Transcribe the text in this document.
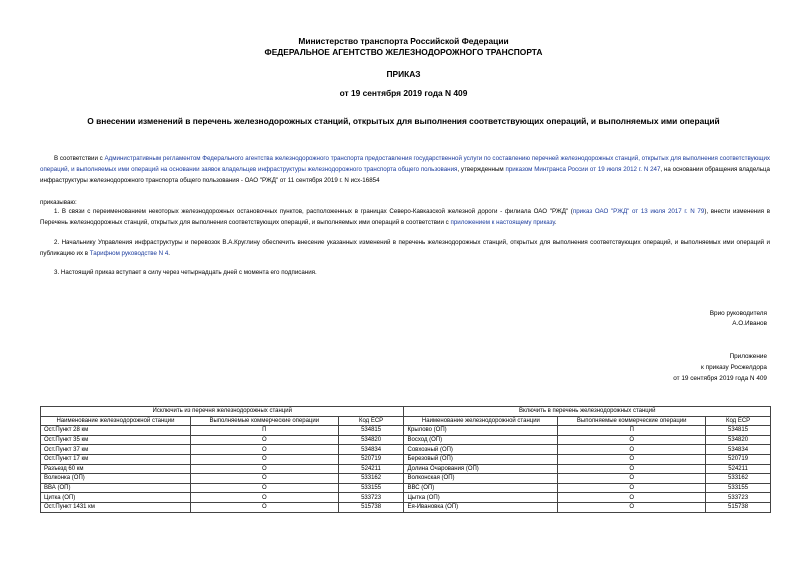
Министерство транспорта Российской Федерации
ФЕДЕРАЛЬНОЕ АГЕНТСТВО ЖЕЛЕЗНОДОРОЖНОГО ТРАНСПОРТА
ПРИКАЗ
от 19 сентября 2019 года N 409
О внесении изменений в перечень железнодорожных станций, открытых для выполнения соответствующих операций, и выполняемых ими операций
В соответствии с Административным регламентом Федерального агентства железнодорожного транспорта предоставления государственной услуги по составлению перечней железнодорожных станций, открытых для выполнения соответствующих операций, и выполняемых ими операций на основании заявок владельцев инфраструктуры железнодорожного транспорта общего пользования, утвержденным приказом Минтранса России от 19 июля 2012 г. N 247, на основании обращения владельца инфраструктуры железнодорожного транспорта общего пользования - ОАО "РЖД" от 11 сентября 2019 г. N исх-16854
приказываю:
1. В связи с переименованием некоторых железнодорожных остановочных пунктов, расположенных в границах Северо-Кавказской железной дороги - филиала ОАО "РЖД" (приказ ОАО "РЖД" от 13 июля 2017 г. N 79), внести изменения в Перечень железнодорожных станций, открытых для выполнения соответствующих операций, и выполняемых ими операций в соответствии с приложением к настоящему приказу.
2. Начальнику Управления инфраструктуры и перевозок В.А.Круглину обеспечить внесение указанных изменений в перечень железнодорожных станций, открытых для выполнения соответствующих операций, и выполняемых ими операций и публикацию их в Тарифном руководстве N 4.
3. Настоящий приказ вступает в силу через четырнадцать дней с момента его подписания.
Врио руководителя
А.О.Иванов
Приложение
к приказу Росжелдора
от 19 сентября 2019 года N 409
Исключить из перечня железнодорожных станций			Включить в перечень железнодорожных станций		
Наименование железнодорожной станции	Выполняемые коммерческие операции	Код ЕСР	Наименование железнодорожной станции	Выполняемые коммерческие операции	Код ЕСР
Ост.Пункт 28 км	П	534815	Крылово (ОП)	П	534815
Ост.Пункт 35 км	О	534820	Восход (ОП)	О	534820
Ост.Пункт 37 км	О	534834	Совхозный (ОП)	О	534834
Ост.Пункт 17 км	О	520719	Березовый (ОП)	О	520719
Разъезд 60 км	О	524211	Долина Очарования (ОП)	О	524211
Волконка (ОП)	О	533162	Волконская (ОП)	О	533162
ВВА (ОП)	О	533155	ВВС (ОП)	О	533155
Цитка (ОП)	О	533723	Цытка (ОП)	О	533723
Ост.Пункт 1431 км	О	515738	Ея-Ивановка (ОП)	О	515738
